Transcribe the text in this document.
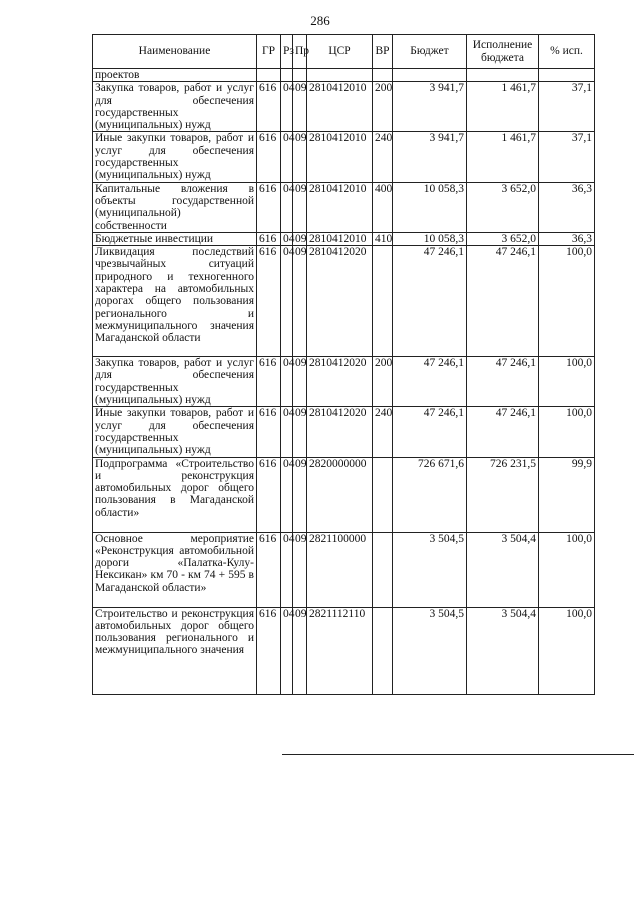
286
Наименование	ГР	Рз	Пр	ЦСР	ВР	Бюджет	Исполнение бюджета	% исп.
проектов								
Закупка товаров, работ и услуг для обеспечения государственных (муниципальных) нужд	616	04	09	2810412010	200	3 941,7	1 461,7	37,1
Иные закупки товаров, работ и услуг для обеспечения государственных (муниципальных) нужд	616	04	09	2810412010	240	3 941,7	1 461,7	37,1
Капитальные вложения в объекты государственной (муниципальной) собственности	616	04	09	2810412010	400	10 058,3	3 652,0	36,3
Бюджетные инвестиции	616	04	09	2810412010	410	10 058,3	3 652,0	36,3
Ликвидация последствий чрезвычайных ситуаций природного и техногенного характера на автомобильных дорогах общего пользования регионального и межмуниципального значения Магаданской области	616	04	09	2810412020		47 246,1	47 246,1	100,0
Закупка товаров, работ и услуг для обеспечения государственных (муниципальных) нужд	616	04	09	2810412020	200	47 246,1	47 246,1	100,0
Иные закупки товаров, работ и услуг для обеспечения государственных (муниципальных) нужд	616	04	09	2810412020	240	47 246,1	47 246,1	100,0
Подпрограмма «Строительство и реконструкция автомобильных дорог общего пользования в Магаданской области»	616	04	09	2820000000		726 671,6	726 231,5	99,9
Основное мероприятие «Реконструкция автомобильной дороги «Палатка-Кулу-Нексикан» км 70 - км 74 + 595 в Магаданской области»	616	04	09	2821100000		3 504,5	3 504,4	100,0
Строительство и реконструкция автомобильных дорог общего пользования регионального и межмуниципального значения	616	04	09	2821112110		3 504,5	3 504,4	100,0
